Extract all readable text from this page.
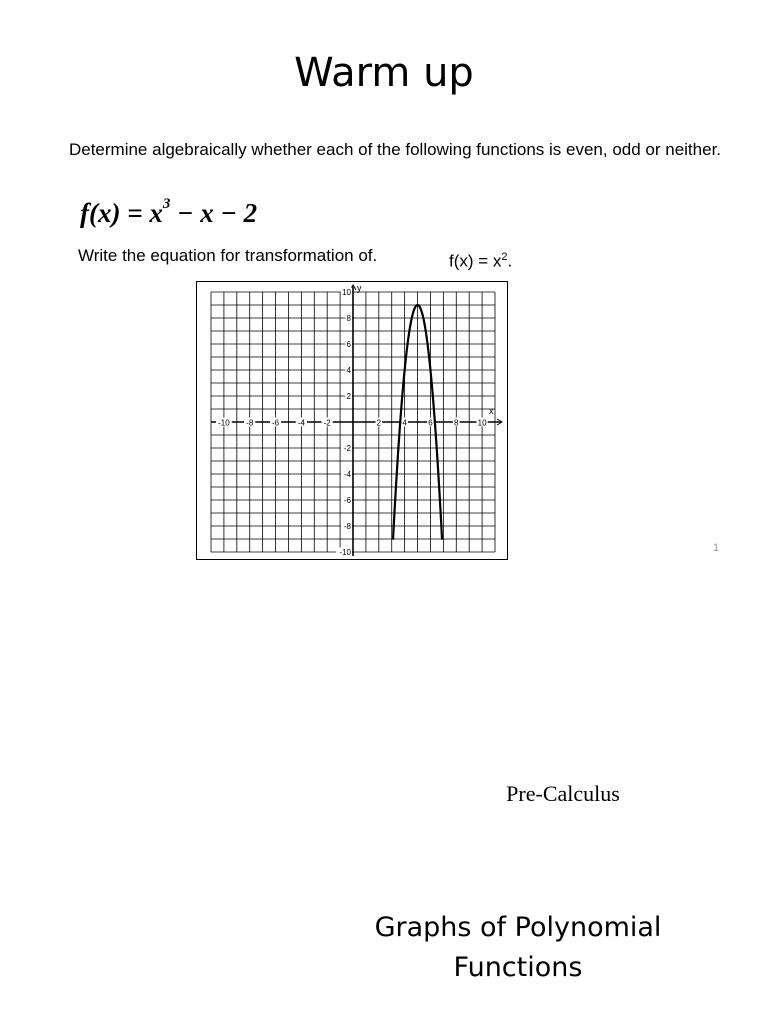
Warm up
Determine algebraically whether each of the following functions is even, odd or neither.
$f(x) = x^3 - x - 2$
Write the equation for transformation of.	$f(x) = x^2$.
x
y
-10 -8 -6 -4 -2	2	4	6	8 10
10
8
6
4
2
-2
-4
-6
-8
-10	1
Pre-Calculus
Graphs of Polynomial
Functions
